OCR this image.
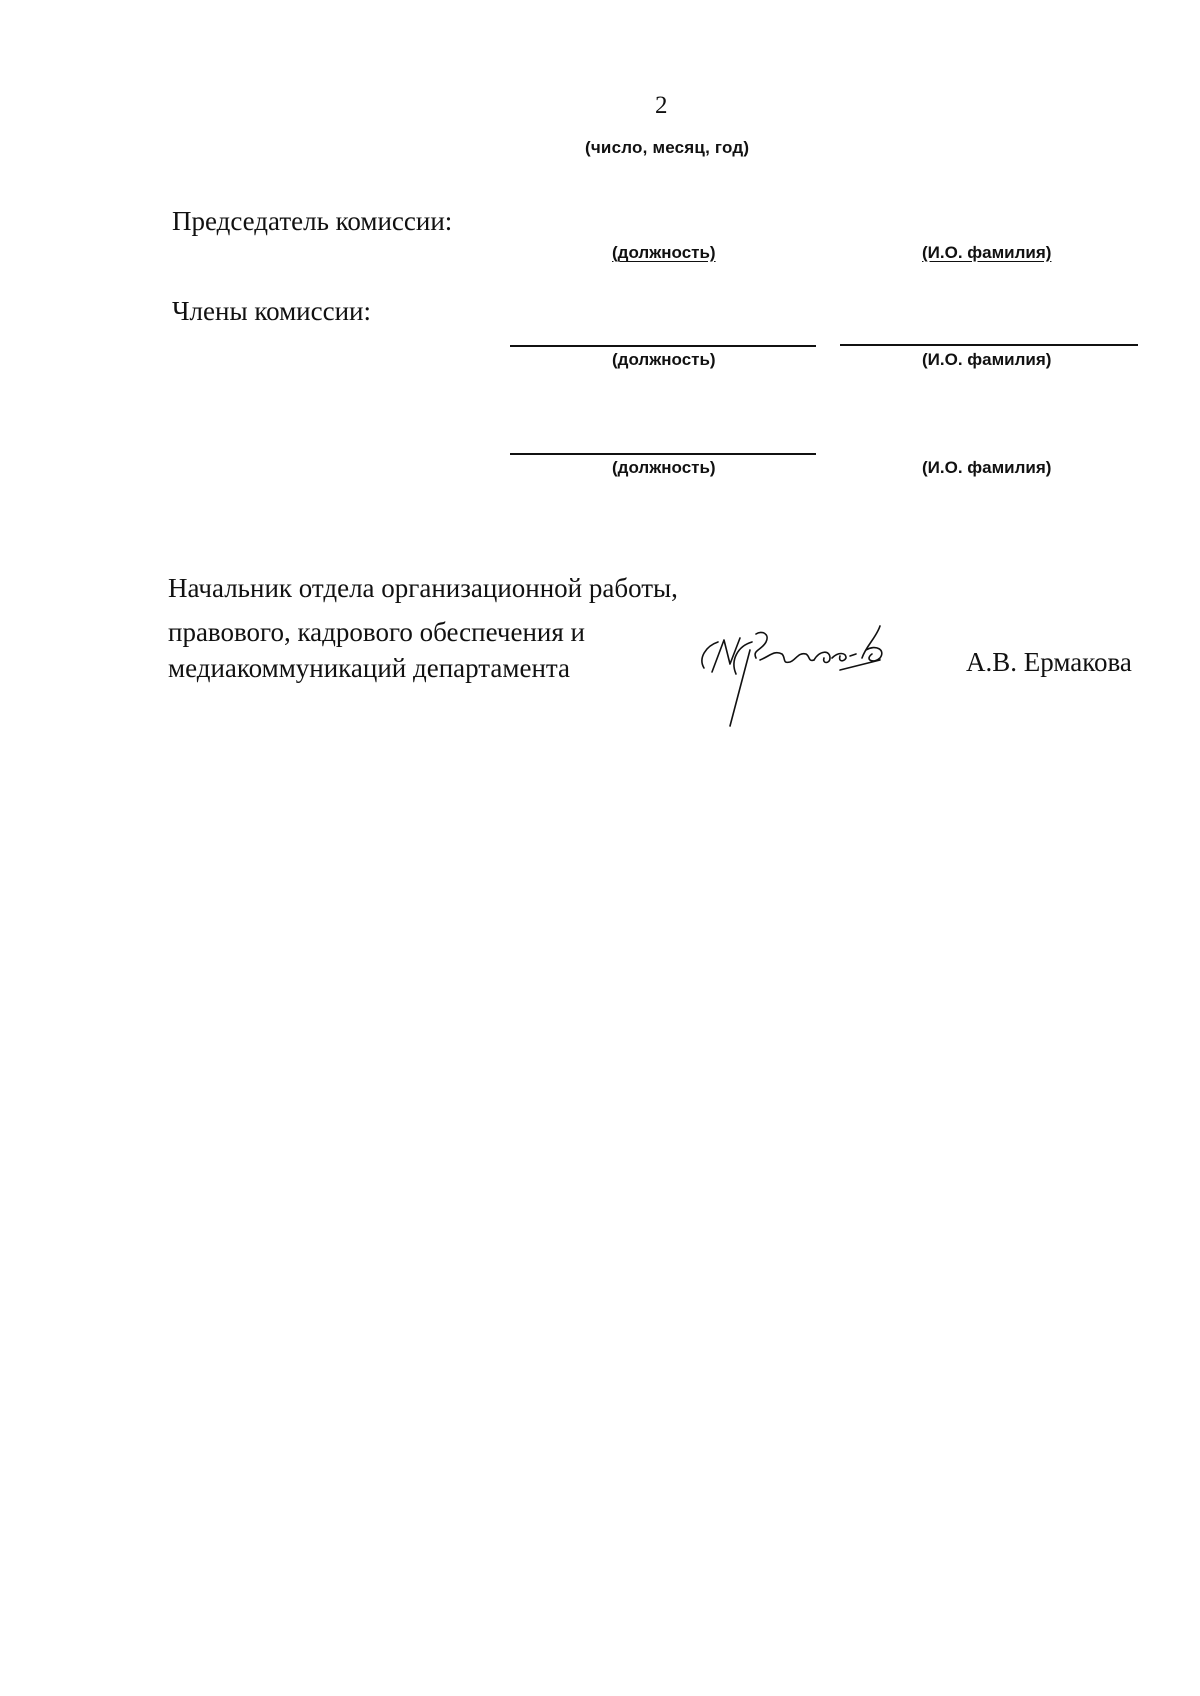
2
(число, месяц, год)
Председатель комиссии:
(должность)	(И.О. фамилия)
Члены комиссии:
(должность)	(И.О. фамилия)
(должность)	(И.О. фамилия)
Начальник отдела организационной работы,
правового, кадрового обеспечения и
медиакоммуникаций департамента	А.В. Ермакова
